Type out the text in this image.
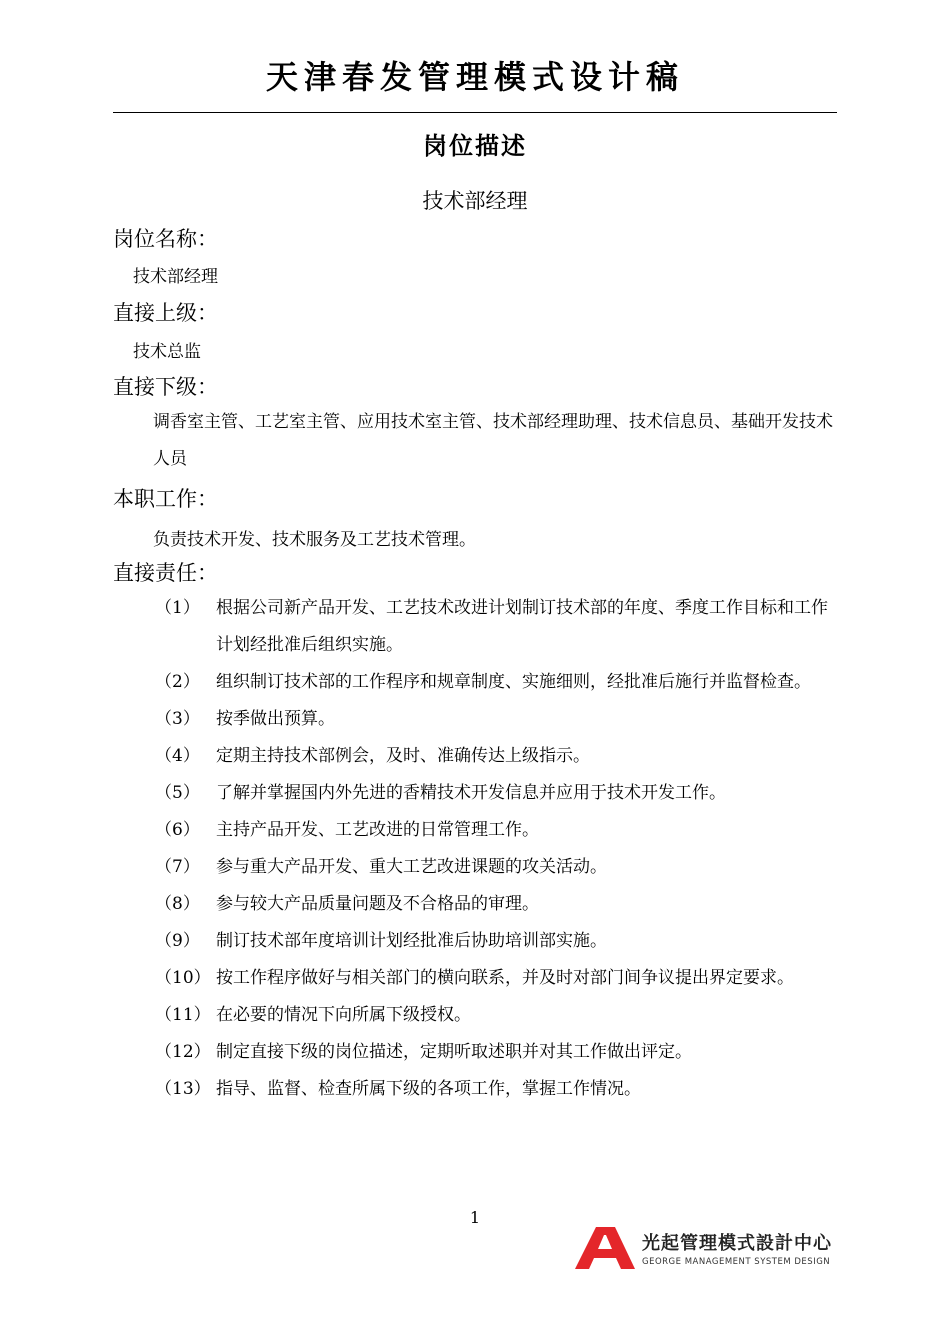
天津春发管理模式设计稿
岗位描述
技术部经理
岗位名称：
技术部经理
直接上级：
技术总监
直接下级：
调香室主管、工艺室主管、应用技术室主管、技术部经理助理、技术信息员、基础开发技术人员
本职工作：
负责技术开发、技术服务及工艺技术管理。
直接责任：
（1） 根据公司新产品开发、工艺技术改进计划制订技术部的年度、季度工作目标和工作计划经批准后组织实施。
（2） 组织制订技术部的工作程序和规章制度、实施细则，经批准后施行并监督检查。
（3） 按季做出预算。
（4） 定期主持技术部例会，及时、准确传达上级指示。
（5） 了解并掌握国内外先进的香精技术开发信息并应用于技术开发工作。
（6） 主持产品开发、工艺改进的日常管理工作。
（7） 参与重大产品开发、重大工艺改进课题的攻关活动。
（8） 参与较大产品质量问题及不合格品的审理。
（9） 制订技术部年度培训计划经批准后协助培训部实施。
（10） 按工作程序做好与相关部门的横向联系，并及时对部门间争议提出界定要求。
（11） 在必要的情况下向所属下级授权。
（12） 制定直接下级的岗位描述，定期听取述职并对其工作做出评定。
（13） 指导、监督、检查所属下级的各项工作，掌握工作情况。
1
光起管理模式設計中心
GEORGE MANAGEMENT SYSTEM DESIGN
